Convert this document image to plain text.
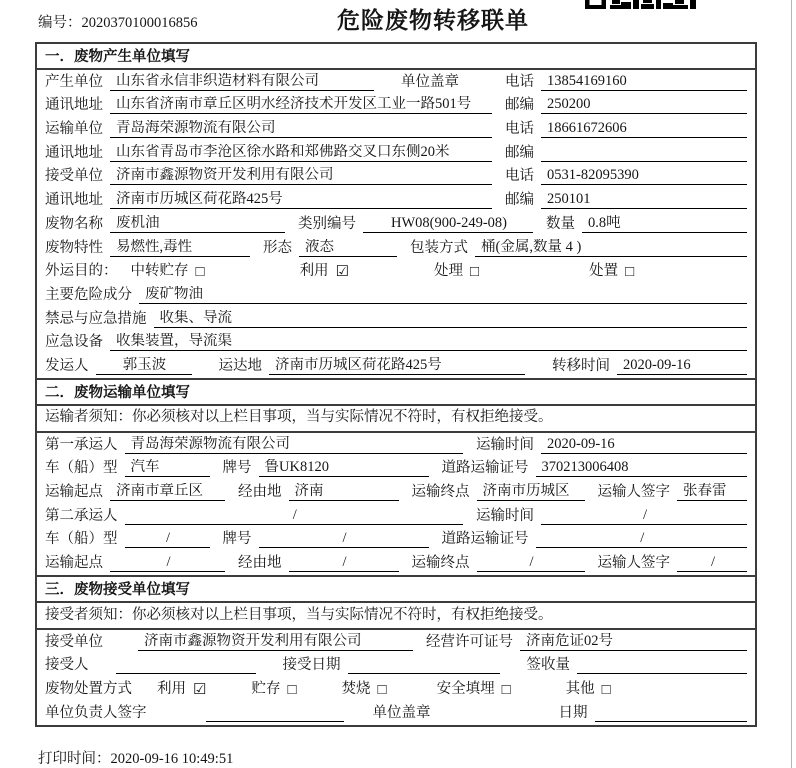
编号：2020370100016856	危险废物转移联单
一．废物产生单位填写
产生单位 山东省永信非织造材料有限公司	单位盖章	电话 13854169160
通讯地址 山东省济南市章丘区明水经济技术开发区工业一路501号	邮编 250200
运输单位 青岛海荣源物流有限公司	电话 18661672606
通讯地址 山东省青岛市李沧区徐水路和郑佛路交叉口东侧20米	邮编
接受单位 济南市鑫源物资开发利用有限公司	电话 0531-82095390
通讯地址 济南市历城区荷花路425号	邮编 250101
废物名称 废机油	类别编号	HW08(900-249-08)	数量 0.8吨
废物特性 易燃性,毒性	形态 液态	包装方式 桶(金属,数量 4 )
外运目的： 中转贮存 □	利用 ☑	处理 □	处置 □
主要危险成分 废矿物油
禁忌与应急措施 收集、导流
应急设备 收集装置，导流渠
发运人	郭玉波	运达地 济南市历城区荷花路425号	转移时间 2020-09-16
二．废物运输单位填写
运输者须知：你必须核对以上栏目事项，当与实际情况不符时，有权拒绝接受。
第一承运人 青岛海荣源物流有限公司	运输时间 2020-09-16
车（船）型 汽车	牌号 鲁UK8120	道路运输证号 370213006408
运输起点 济南市章丘区	经由地 济南	运输终点 济南市历城区	运输人签字 张春雷
第二承运人	/	运输时间	/
车（船）型	/	牌号	/	道路运输证号	/
运输起点	/	经由地	/	运输终点	/	运输人签字	/
三．废物接受单位填写
接受者须知：你必须核对以上栏目事项，当与实际情况不符时，有权拒绝接受。
接受单位	济南市鑫源物资开发利用有限公司	经营许可证号 济南危证02号
接受人	接受日期	签收量
废物处置方式 利用 ☑	贮存 □	焚烧 □	安全填埋 □	其他 □
单位负责人签字	单位盖章	日期
打印时间：2020-09-16 10:49:51
